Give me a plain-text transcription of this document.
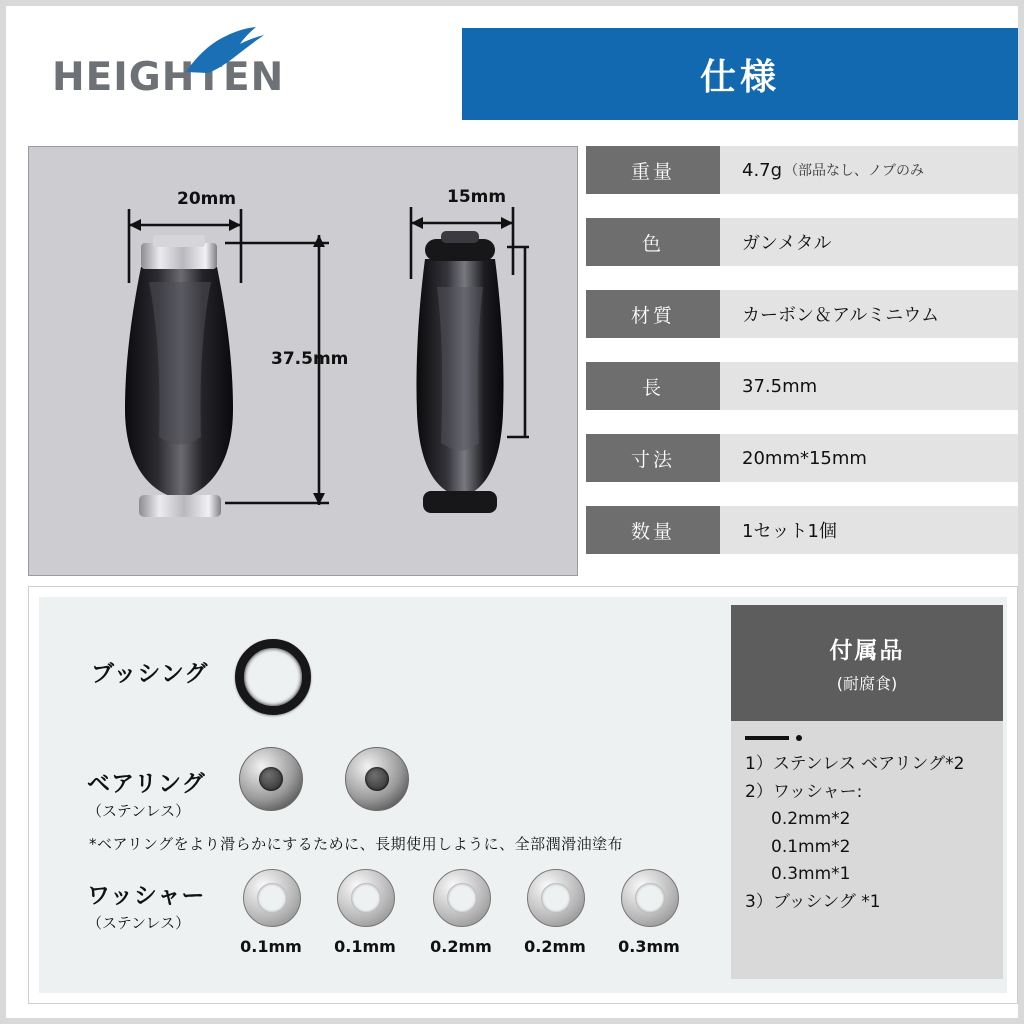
HEIGHTEN	仕様
20mm	15mm
37.5mm
重量	4.7g （部品なし、ノブのみ
色	ガンメタル
材質	カーボン＆アルミニウム
長	37.5mm
寸法	20mm*15mm
数量	1セット1個
ブッシング
ベアリング
（ステンレス）
*ベアリングをより滑らかにするために、長期使用しように、全部潤滑油塗布
ワッシャー
（ステンレス）
0.1mm	0.1mm	0.2mm	0.2mm	0.3mm
付属品
(耐腐食)
1）ステンレス ベアリング*2
2）ワッシャー:
0.2mm*2
0.1mm*2
0.3mm*1
3）ブッシング *1
